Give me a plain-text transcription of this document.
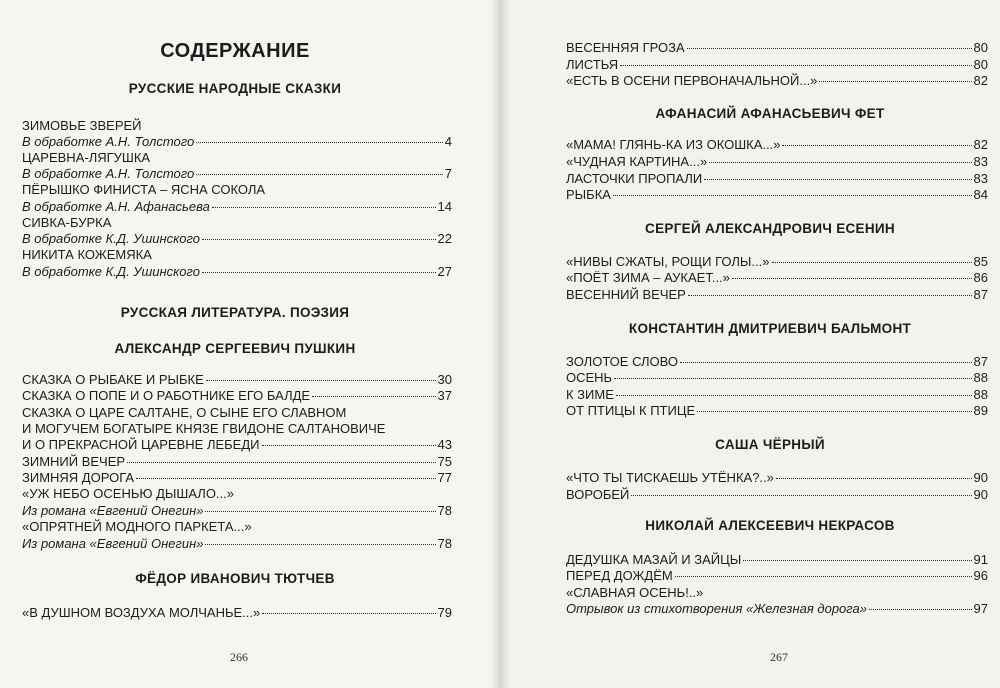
СОДЕРЖАНИЕ
РУССКИЕ НАРОДНЫЕ СКАЗКИ
ЗИМОВЬЕ ЗВЕРЕЙ
В обработке А.Н. Толстого	4
ЦАРЕВНА-ЛЯГУШКА
В обработке А.Н. Толстого	7
ПЁРЫШКО ФИНИСТА – ЯСНА СОКОЛА
В обработке А.Н. Афанасьева	14
СИВКА-БУРКА
В обработке К.Д. Ушинского	22
НИКИТА КОЖЕМЯКА
В обработке К.Д. Ушинского	27
РУССКАЯ ЛИТЕРАТУРА. ПОЭЗИЯ
АЛЕКСАНДР СЕРГЕЕВИЧ ПУШКИН
СКАЗКА О РЫБАКЕ И РЫБКЕ	30
СКАЗКА О ПОПЕ И О РАБОТНИКЕ ЕГО БАЛДЕ	37
СКАЗКА О ЦАРЕ САЛТАНЕ, О СЫНЕ ЕГО СЛАВНОМ
И МОГУЧЕМ БОГАТЫРЕ КНЯЗЕ ГВИДОНЕ САЛТАНОВИЧЕ
И О ПРЕКРАСНОЙ ЦАРЕВНЕ ЛЕБЕДИ	43
ЗИМНИЙ ВЕЧЕР	75
ЗИМНЯЯ ДОРОГА	77
«УЖ НЕБО ОСЕНЬЮ ДЫШАЛО...»
Из романа «Евгений Онегин»	78
«ОПРЯТНЕЙ МОДНОГО ПАРКЕТА...»
Из романа «Евгений Онегин»	78
ФЁДОР ИВАНОВИЧ ТЮТЧЕВ
«В ДУШНОМ ВОЗДУХА МОЛЧАНЬЕ...»	79
266
ВЕСЕННЯЯ ГРОЗА	80
ЛИСТЬЯ	80
«ЕСТЬ В ОСЕНИ ПЕРВОНАЧАЛЬНОЙ...»	82
АФАНАСИЙ АФАНАСЬЕВИЧ ФЕТ
«МАМА! ГЛЯНЬ-КА ИЗ ОКОШКА...»	82
«ЧУДНАЯ КАРТИНА...»	83
ЛАСТОЧКИ ПРОПАЛИ	83
РЫБКА	84
СЕРГЕЙ АЛЕКСАНДРОВИЧ ЕСЕНИН
«НИВЫ СЖАТЫ, РОЩИ ГОЛЫ...»	85
«ПОЁТ ЗИМА – АУКАЕТ...»	86
ВЕСЕННИЙ ВЕЧЕР	87
КОНСТАНТИН ДМИТРИЕВИЧ БАЛЬМОНТ
ЗОЛОТОЕ СЛОВО	87
ОСЕНЬ	88
К ЗИМЕ	88
ОТ ПТИЦЫ К ПТИЦЕ	89
САША ЧЁРНЫЙ
«ЧТО ТЫ ТИСКАЕШЬ УТЁНКА?..»	90
ВОРОБЕЙ	90
НИКОЛАЙ АЛЕКСЕЕВИЧ НЕКРАСОВ
ДЕДУШКА МАЗАЙ И ЗАЙЦЫ	91
ПЕРЕД ДОЖДЁМ	96
«СЛАВНАЯ ОСЕНЬ!..»
Отрывок из стихотворения «Железная дорога»	97
267
